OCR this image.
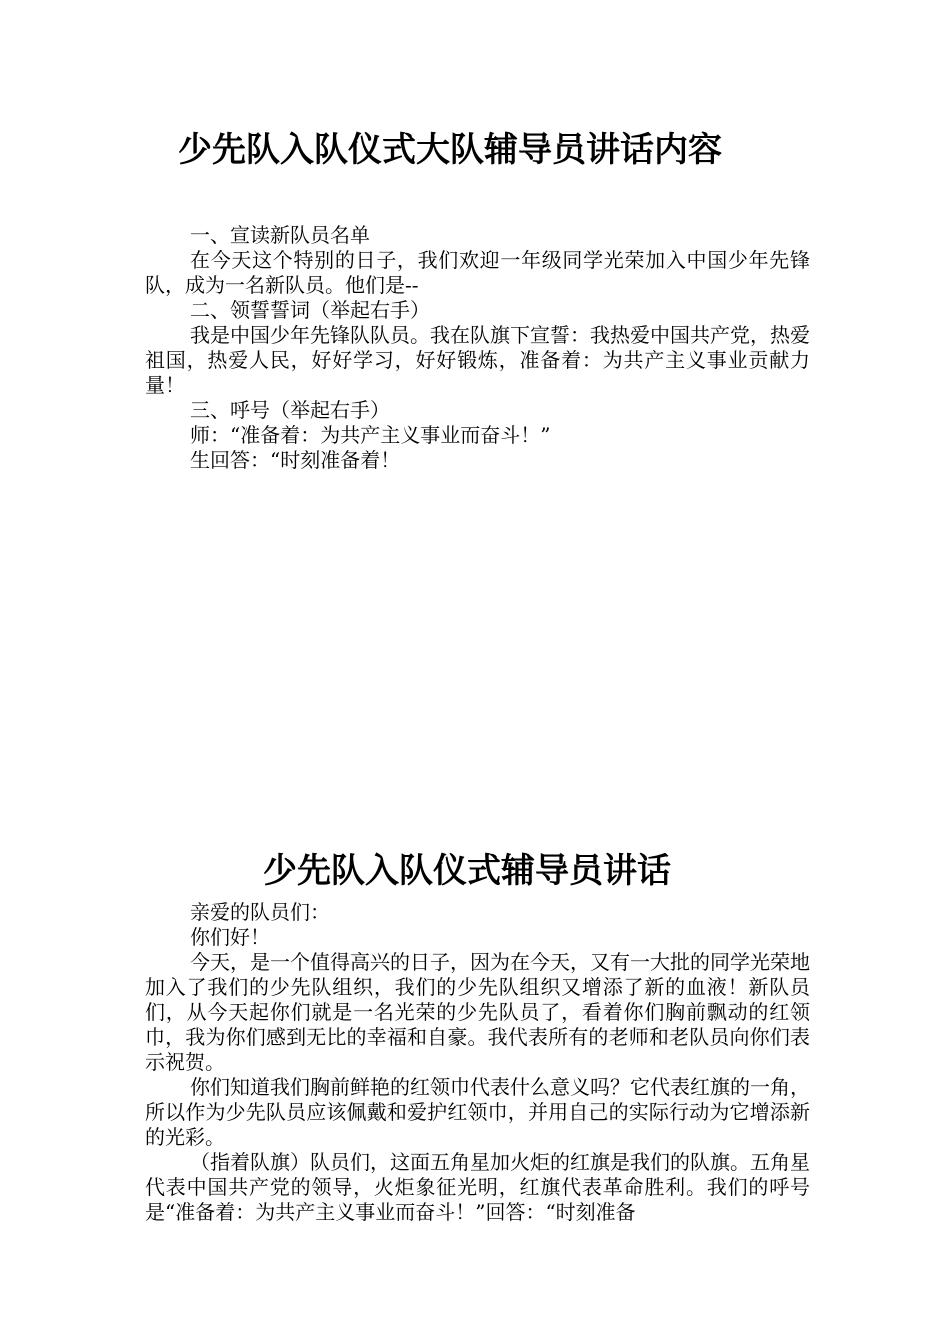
少先队入队仪式大队辅导员讲话内容

一、宣读新队员名单

在今天这个特别的日子，我们欢迎一年级同学光荣加入中国少年先锋队，成为一名新队员。他们是--

二、领誓誓词（举起右手）

我是中国少年先锋队队员。我在队旗下宣誓：我热爱中国共产党，热爱祖国，热爱人民，好好学习，好好锻炼，准备着：为共产主义事业贡献力量！

三、呼号（举起右手）

师：“准备着：为共产主义事业而奋斗！”

生回答：“时刻准备着！

少先队入队仪式辅导员讲话

亲爱的队员们：

你们好！

今天，是一个值得高兴的日子，因为在今天，又有一大批的同学光荣地加入了我们的少先队组织，我们的少先队组织又增添了新的血液！新队员们，从今天起你们就是一名光荣的少先队员了，看着你们胸前飘动的红领巾，我为你们感到无比的幸福和自豪。我代表所有的老师和老队员向你们表示祝贺。

你们知道我们胸前鲜艳的红领巾代表什么意义吗？它代表红旗的一角，所以作为少先队员应该佩戴和爱护红领巾，并用自己的实际行动为它增添新的光彩。

（指着队旗）队员们，这面五角星加火炬的红旗是我们的队旗。五角星代表中国共产党的领导，火炬象征光明，红旗代表革命胜利。我们的呼号是“准备着：为共产主义事业而奋斗！”回答：“时刻准备
